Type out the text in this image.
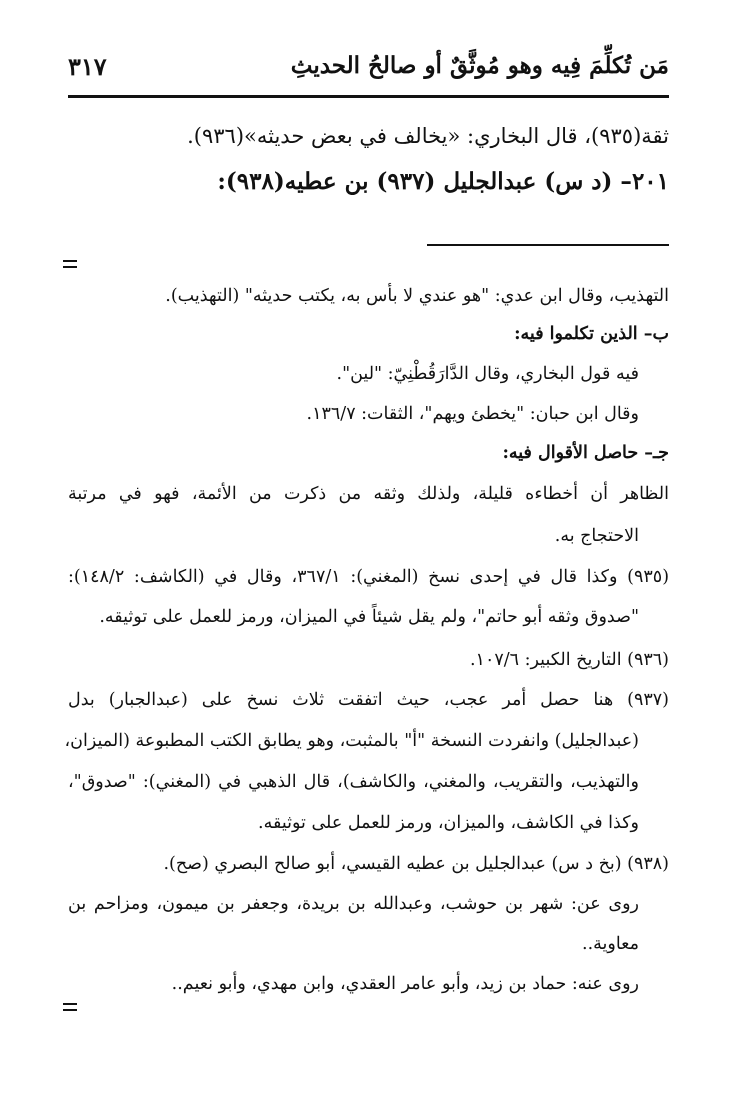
مَن تُكلِّمَ فِيه وهو مُوثَّقٌ أو صالحُ الحديثِ
٣١٧
ثقة(٩٣٥)، قال البخاري: «يخالف في بعض حديثه»(٩٣٦).
٢٠١– (د س) عبدالجليل (٩٣٧) بن عطيه(٩٣٨):
التهذيب، وقال ابن عدي: "هو عندي لا بأس به، يكتب حديثه" (التهذيب).
ب– الذين تكلموا فيه:
فيه قول البخاري، وقال الدَّارَقُطْنِيّ: "لين".
وقال ابن حبان: "يخطئ ويهم"، الثقات: ١٣٦/٧.
جـ– حاصل الأقوال فيه:
الظاهر أن أخطاءه قليلة، ولذلك وثقه من ذكرت من الأئمة، فهو في مرتبة
الاحتجاج به.
(٩٣٥) وكذا قال في إحدى نسخ (المغني): ٣٦٧/١، وقال في (الكاشف: ١٤٨/٢):
"صدوق وثقه أبو حاتم"، ولم يقل شيئاً في الميزان، ورمز للعمل على توثيقه.
(٩٣٦) التاريخ الكبير: ١٠٧/٦.
(٩٣٧) هنا حصل أمر عجب، حيث اتفقت ثلاث نسخ على (عبدالجبار) بدل
(عبدالجليل) وانفردت النسخة "أ" بالمثبت، وهو يطابق الكتب المطبوعة (الميزان،
والتهذيب، والتقريب، والمغني، والكاشف)، قال الذهبي في (المغني): "صدوق"،
وكذا في الكاشف، والميزان، ورمز للعمل على توثيقه.
(٩٣٨) (بخ د س) عبدالجليل بن عطيه القيسي، أبو صالح البصري (صح).
روى عن: شهر بن حوشب، وعبدالله بن بريدة، وجعفر بن ميمون، ومزاحم بن
معاوية..
روى عنه: حماد بن زيد، وأبو عامر العقدي، وابن مهدي، وأبو نعيم..
